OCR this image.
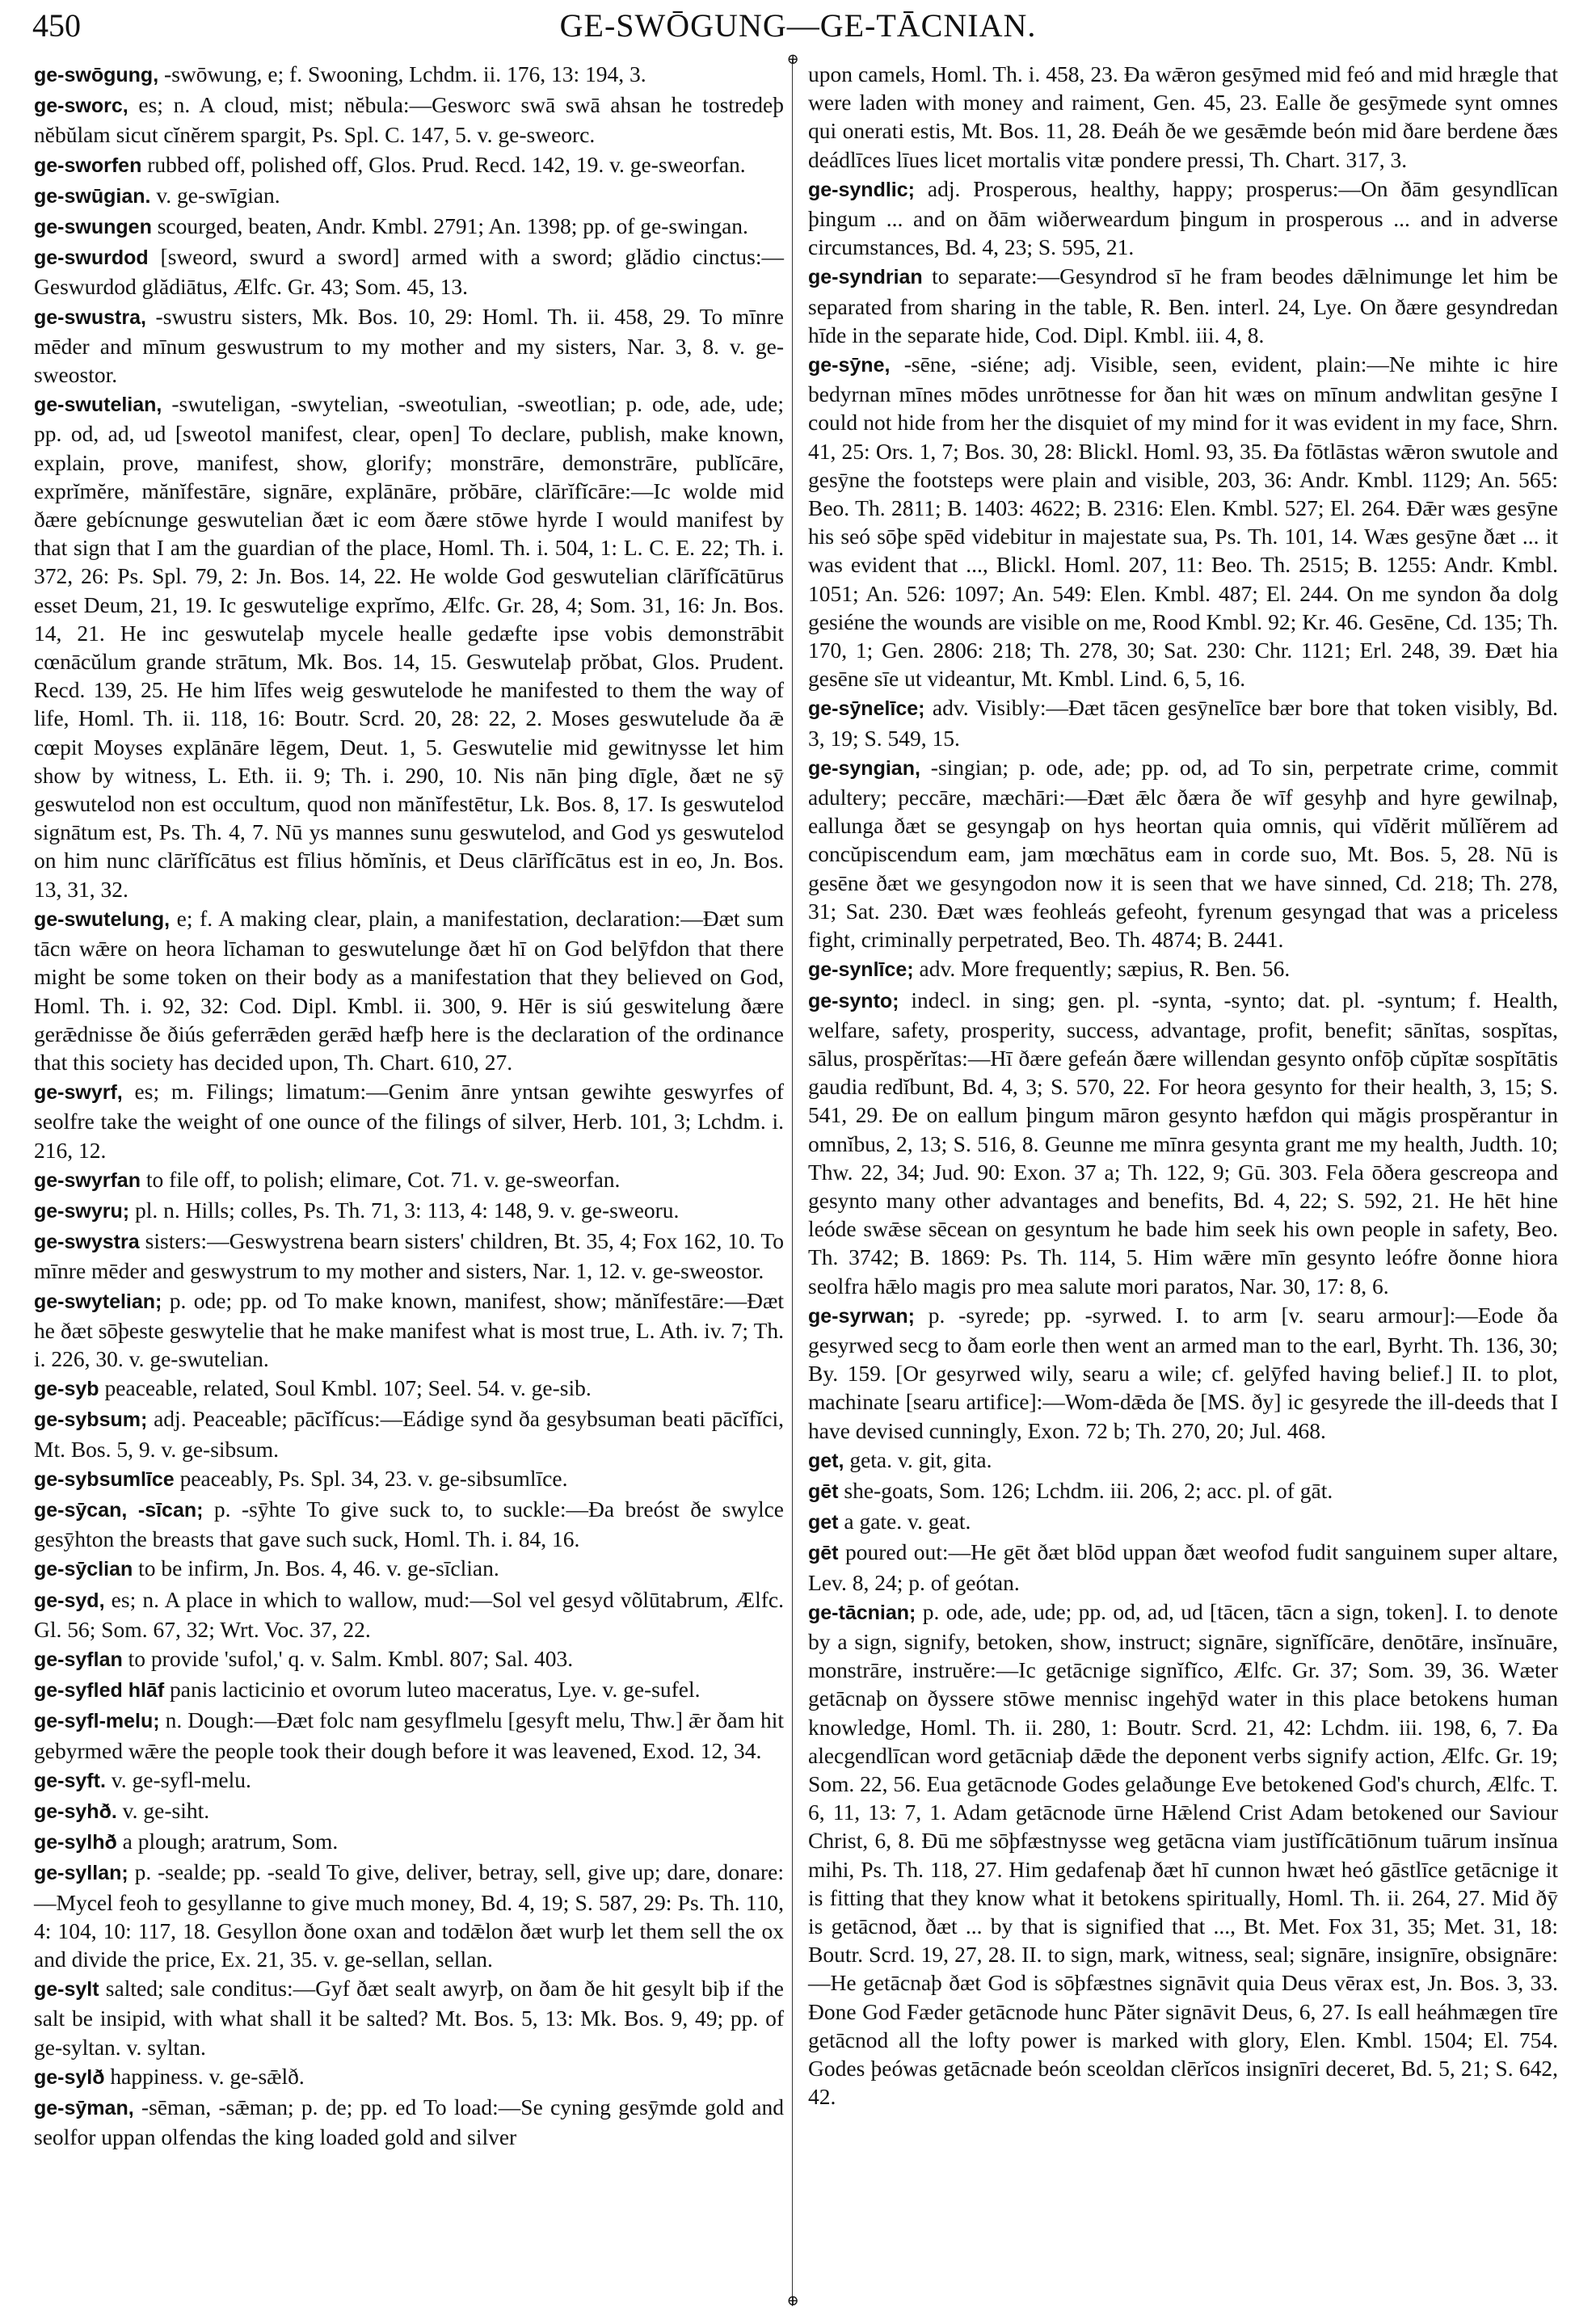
450	GE-SWŌGUNG—GE-TĀCNIAN.

ge-swōgung, -swōwung, e; f. Swooning, Lchdm. ii. 176, 13: 194, 3.

ge-sworc, es; n. A cloud, mist; nĕbula:—Gesworc swā swā ahsan he tostredeþ nĕbŭlam sicut cĭnĕrem spargit, Ps. Spl. C. 147, 5. v. ge-sweorc.

ge-sworfen rubbed off, polished off, Glos. Prud. Recd. 142, 19. v. ge-sweorfan.

ge-swūgian. v. ge-swīgian.

ge-swungen scourged, beaten, Andr. Kmbl. 2791; An. 1398; pp. of ge-swingan.

ge-swurdod [sweord, swurd a sword] armed with a sword; glădio cinctus:—Geswurdod glădiātus, Ælfc. Gr. 43; Som. 45, 13.

ge-swustra, -swustru sisters, Mk. Bos. 10, 29: Homl. Th. ii. 458, 29. To mīnre mēder and mīnum geswustrum to my mother and my sisters, Nar. 3, 8. v. ge-sweostor.

ge-swutelian, -swuteligan, -swytelian, -sweotulian, -sweotlian; p. ode, ade, ude; pp. od, ad, ud [sweotol manifest, clear, open] To declare, publish, make known, explain, prove, manifest, show, glorify; monstrāre, demonstrāre, publĭcāre, exprĭmĕre, mănĭfestāre, signāre, explānāre, prŏbāre, clārĭfĭcāre:—Ic wolde mid ðære gebícnunge geswutelian ðæt ic eom ðære stōwe hyrde I would manifest by that sign that I am the guardian of the place, Homl. Th. i. 504, 1: L. C. E. 22; Th. i. 372, 26: Ps. Spl. 79, 2: Jn. Bos. 14, 22. He wolde God geswutelian clārĭfĭcātūrus esset Deum, 21, 19. Ic geswutelige exprĭmo, Ælfc. Gr. 28, 4; Som. 31, 16: Jn. Bos. 14, 21. He inc geswutelaþ mycele healle gedæfte ipse vobis demonstrābit cœnācŭlum grande strātum, Mk. Bos. 14, 15. Geswutelaþ prŏbat, Glos. Prudent. Recd. 139, 25. He him līfes weig geswutelode he manifested to them the way of life, Homl. Th. ii. 118, 16: Boutr. Scrd. 20, 28: 22, 2. Moses geswutelude ða ǣ cœpit Moyses explānāre lēgem, Deut. 1, 5. Geswutelie mid gewitnysse let him show by witness, L. Eth. ii. 9; Th. i. 290, 10. Nis nān þing dīgle, ðæt ne sȳ geswutelod non est occultum, quod non mănĭfestētur, Lk. Bos. 8, 17. Is geswutelod signātum est, Ps. Th. 4, 7. Nū ys mannes sunu geswutelod, and God ys geswutelod on him nunc clārĭfĭcātus est fīlius hŏmĭnis, et Deus clārĭfĭcātus est in eo, Jn. Bos. 13, 31, 32.

ge-swutelung, e; f. A making clear, plain, a manifestation, declaration:—Ðæt sum tācn wǣre on heora līchaman to geswutelunge ðæt hī on God belȳfdon that there might be some token on their body as a manifestation that they believed on God, Homl. Th. i. 92, 32: Cod. Dipl. Kmbl. ii. 300, 9. Hēr is siú geswitelung ðære gerǣdnisse ðe ðiús geferrǣden gerǣd hæfþ here is the declaration of the ordinance that this society has decided upon, Th. Chart. 610, 27.

ge-swyrf, es; m. Filings; limatum:—Genim ānre yntsan gewihte geswyrfes of seolfre take the weight of one ounce of the filings of silver, Herb. 101, 3; Lchdm. i. 216, 12.

ge-swyrfan to file off, to polish; elimare, Cot. 71. v. ge-sweorfan.

ge-swyru; pl. n. Hills; colles, Ps. Th. 71, 3: 113, 4: 148, 9. v. ge-sweoru.

ge-swystra sisters:—Geswystrena bearn sisters' children, Bt. 35, 4; Fox 162, 10. To mīnre mēder and geswystrum to my mother and sisters, Nar. 1, 12. v. ge-sweostor.

ge-swytelian; p. ode; pp. od To make known, manifest, show; mănĭfestāre:—Ðæt he ðæt sōþeste geswytelie that he make manifest what is most true, L. Ath. iv. 7; Th. i. 226, 30. v. ge-swutelian.

ge-syb peaceable, related, Soul Kmbl. 107; Seel. 54. v. ge-sib.

ge-sybsum; adj. Peaceable; pācĭfĭcus:—Eádige synd ða gesybsuman beati pācĭfĭci, Mt. Bos. 5, 9. v. ge-sibsum.

ge-sybsumlīce peaceably, Ps. Spl. 34, 23. v. ge-sibsumlīce.

ge-sȳcan, -sīcan; p. -sȳhte To give suck to, to suckle:—Ða breóst ðe swylce gesȳhton the breasts that gave such suck, Homl. Th. i. 84, 16.

ge-sȳclian to be infirm, Jn. Bos. 4, 46. v. ge-sīclian.

ge-syd, es; n. A place in which to wallow, mud:—Sol vel gesyd võlūtabrum, Ælfc. Gl. 56; Som. 67, 32; Wrt. Voc. 37, 22.

ge-syflan to provide 'sufol,' q. v. Salm. Kmbl. 807; Sal. 403.

ge-syfled hlāf panis lacticinio et ovorum luteo maceratus, Lye. v. ge-sufel.

ge-syfl-melu; n. Dough:—Ðæt folc nam gesyflmelu [gesyft melu, Thw.] ǣr ðam hit gebyrmed wǣre the people took their dough before it was leavened, Exod. 12, 34.

ge-syft. v. ge-syfl-melu.

ge-syhð. v. ge-siht.

ge-sylhð a plough; aratrum, Som.

ge-syllan; p. -sealde; pp. -seald To give, deliver, betray, sell, give up; dare, donare:—Mycel feoh to gesyllanne to give much money, Bd. 4, 19; S. 587, 29: Ps. Th. 110, 4: 104, 10: 117, 18. Gesyllon ðone oxan and todǣlon ðæt wurþ let them sell the ox and divide the price, Ex. 21, 35. v. ge-sellan, sellan.

ge-sylt salted; sale conditus:—Gyf ðæt sealt awyrþ, on ðam ðe hit gesylt biþ if the salt be insipid, with what shall it be salted? Mt. Bos. 5, 13: Mk. Bos. 9, 49; pp. of ge-syltan. v. syltan.

ge-sylð happiness. v. ge-sǣlð.

ge-sȳman, -sēman, -sǣman; p. de; pp. ed To load:—Se cyning gesȳmde gold and seolfor uppan olfendas the king loaded gold and silver

⊕
⊕

upon camels, Homl. Th. i. 458, 23. Ða wǣron gesȳmed mid feó and mid hrægle that were laden with money and raiment, Gen. 45, 23. Ealle ðe gesȳmede synt omnes qui onerati estis, Mt. Bos. 11, 28. Ðeáh ðe we gesǣmde beón mid ðare berdene ðæs deádlīces līues licet mortalis vitæ pondere pressi, Th. Chart. 317, 3.

ge-syndlic; adj. Prosperous, healthy, happy; prosperus:—On ðām gesyndlīcan þingum ... and on ðām wiðerweardum þingum in prosperous ... and in adverse circumstances, Bd. 4, 23; S. 595, 21.

ge-syndrian to separate:—Gesyndrod sī he fram beodes dǣlnimunge let him be separated from sharing in the table, R. Ben. interl. 24, Lye. On ðære gesyndredan hīde in the separate hide, Cod. Dipl. Kmbl. iii. 4, 8.

ge-sȳne, -sēne, -siéne; adj. Visible, seen, evident, plain:—Ne mihte ic hire bedyrnan mīnes mōdes unrōtnesse for ðan hit wæs on mīnum andwlitan gesȳne I could not hide from her the disquiet of my mind for it was evident in my face, Shrn. 41, 25: Ors. 1, 7; Bos. 30, 28: Blickl. Homl. 93, 35. Ða fōtlāstas wǣron swutole and gesȳne the footsteps were plain and visible, 203, 36: Andr. Kmbl. 1129; An. 565: Beo. Th. 2811; B. 1403: 4622; B. 2316: Elen. Kmbl. 527; El. 264. Ðǣr wæs gesȳne his seó sōþe spēd videbitur in majestate sua, Ps. Th. 101, 14. Wæs gesȳne ðæt ... it was evident that ..., Blickl. Homl. 207, 11: Beo. Th. 2515; B. 1255: Andr. Kmbl. 1051; An. 526: 1097; An. 549: Elen. Kmbl. 487; El. 244. On me syndon ða dolg gesiéne the wounds are visible on me, Rood Kmbl. 92; Kr. 46. Gesēne, Cd. 135; Th. 170, 1; Gen. 2806: 218; Th. 278, 30; Sat. 230: Chr. 1121; Erl. 248, 39. Ðæt hia gesēne sīe ut videantur, Mt. Kmbl. Lind. 6, 5, 16.

ge-sȳnelīce; adv. Visibly:—Ðæt tācen gesȳnelīce bær bore that token visibly, Bd. 3, 19; S. 549, 15.

ge-syngian, -singian; p. ode, ade; pp. od, ad To sin, perpetrate crime, commit adultery; peccāre, mæchāri:—Ðæt ǣlc ðæra ðe wīf gesyhþ and hyre gewilnaþ, eallunga ðæt se gesyngaþ on hys heortan quia omnis, qui vīdĕrit mŭlĭĕrem ad concŭpiscendum eam, jam mœchātus eam in corde suo, Mt. Bos. 5, 28. Nū is gesēne ðæt we gesyngodon now it is seen that we have sinned, Cd. 218; Th. 278, 31; Sat. 230. Ðæt wæs feohleás gefeoht, fyrenum gesyngad that was a priceless fight, criminally perpetrated, Beo. Th. 4874; B. 2441.

ge-synlīce; adv. More frequently; sæpius, R. Ben. 56.

ge-synto; indecl. in sing; gen. pl. -synta, -synto; dat. pl. -syntum; f. Health, welfare, safety, prosperity, success, advantage, profit, benefit; sānĭtas, sospĭtas, sālus, prospĕrĭtas:—Hī ðære gefeán ðære willendan gesynto onfōþ cŭpĭtæ sospĭtātis gaudia redĭbunt, Bd. 4, 3; S. 570, 22. For heora gesynto for their health, 3, 15; S. 541, 29. Ðe on eallum þingum māron gesynto hæfdon qui măgis prospĕrantur in omnĭbus, 2, 13; S. 516, 8. Geunne me mīnra gesynta grant me my health, Judth. 10; Thw. 22, 34; Jud. 90: Exon. 37 a; Th. 122, 9; Gū. 303. Fela ōðera gescreopa and gesynto many other advantages and benefits, Bd. 4, 22; S. 592, 21. He hēt hine leóde swǣse sēcean on gesyntum he bade him seek his own people in safety, Beo. Th. 3742; B. 1869: Ps. Th. 114, 5. Him wǣre mīn gesynto leófre ðonne hiora seolfra hǣlo magis pro mea salute mori paratos, Nar. 30, 17: 8, 6.

ge-syrwan; p. -syrede; pp. -syrwed. I. to arm [v. searu armour]:—Eode ða gesyrwed secg to ðam eorle then went an armed man to the earl, Byrht. Th. 136, 30; By. 159. [Or gesyrwed wily, searu a wile; cf. gelȳfed having belief.] II. to plot, machinate [searu artifice]:—Wom-dǣda ðe [MS. ðy] ic gesyrede the ill-deeds that I have devised cunningly, Exon. 72 b; Th. 270, 20; Jul. 468.

get, geta. v. git, gita.

gēt she-goats, Som. 126; Lchdm. iii. 206, 2; acc. pl. of gāt.

get a gate. v. geat.

gēt poured out:—He gēt ðæt blōd uppan ðæt weofod fudit sanguinem super altare, Lev. 8, 24; p. of geótan.

ge-tācnian; p. ode, ade, ude; pp. od, ad, ud [tācen, tācn a sign, token]. I. to denote by a sign, signify, betoken, show, instruct; signāre, signĭfĭcāre, denōtāre, insĭnuāre, monstrāre, instruĕre:—Ic getācnige signĭfĭco, Ælfc. Gr. 37; Som. 39, 36. Wæter getācnaþ on ðyssere stōwe mennisc ingehȳd water in this place betokens human knowledge, Homl. Th. ii. 280, 1: Boutr. Scrd. 21, 42: Lchdm. iii. 198, 6, 7. Ða alecgendlīcan word getācniaþ dǣde the deponent verbs signify action, Ælfc. Gr. 19; Som. 22, 56. Eua getācnode Godes gelaðunge Eve betokened God's church, Ælfc. T. 6, 11, 13: 7, 1. Adam getācnode ūrne Hǣlend Crist Adam betokened our Saviour Christ, 6, 8. Ðū me sōþfæstnysse weg getācna viam justĭfĭcātiōnum tuārum insĭnua mihi, Ps. Th. 118, 27. Him gedafenaþ ðæt hī cunnon hwæt heó gāstlīce getācnige it is fitting that they know what it betokens spiritually, Homl. Th. ii. 264, 27. Mid ðȳ is getācnod, ðæt ... by that is signified that ..., Bt. Met. Fox 31, 35; Met. 31, 18: Boutr. Scrd. 19, 27, 28. II. to sign, mark, witness, seal; signāre, insignīre, obsignāre:—He getācnaþ ðæt God is sōþfæstnes signāvit quia Deus vērax est, Jn. Bos. 3, 33. Ðone God Fæder getācnode hunc Păter signāvit Deus, 6, 27. Is eall heáhmægen tīre getācnod all the lofty power is marked with glory, Elen. Kmbl. 1504; El. 754. Godes þeówas getācnade beón sceoldan clērĭcos insignīri deceret, Bd. 5, 21; S. 642, 42.
